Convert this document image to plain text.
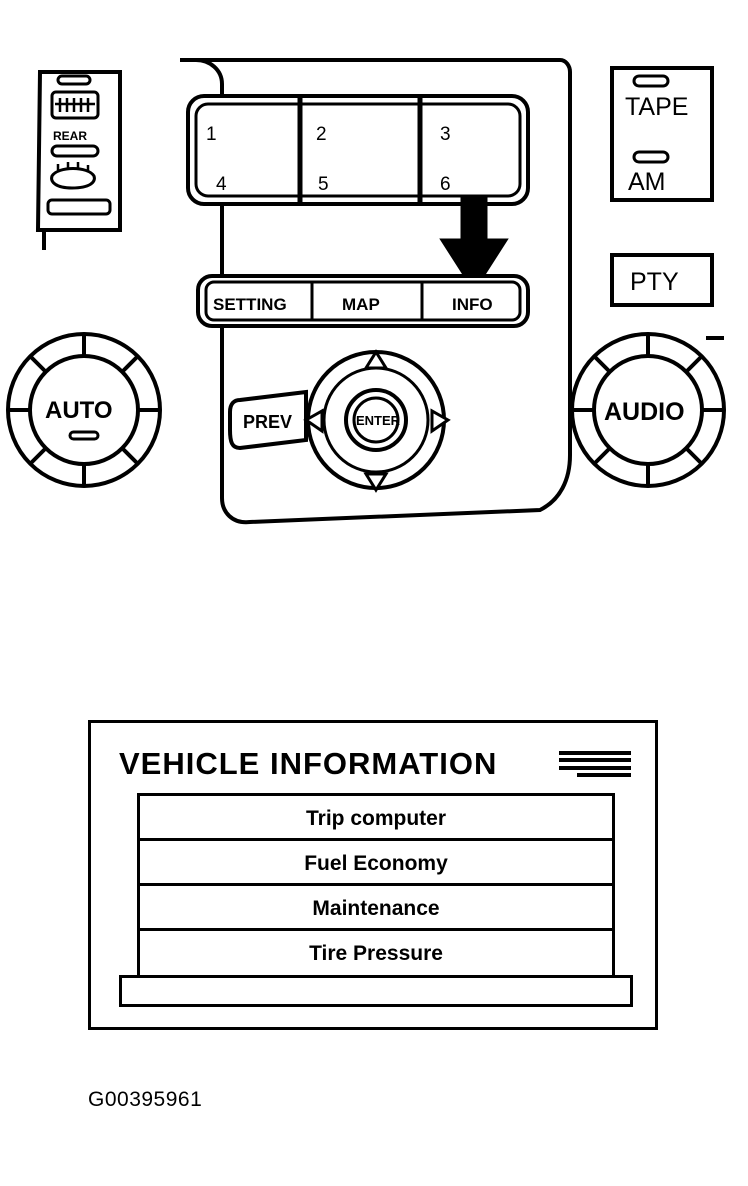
REAR
TAPE
AM
PTY
1	2	3
4	5	6
SETTING	MAP	INFO
AUTO	AUDIO
PREV	ENTER
VEHICLE INFORMATION
Trip computer
Fuel Economy
Maintenance
Tire Pressure
G00395961
